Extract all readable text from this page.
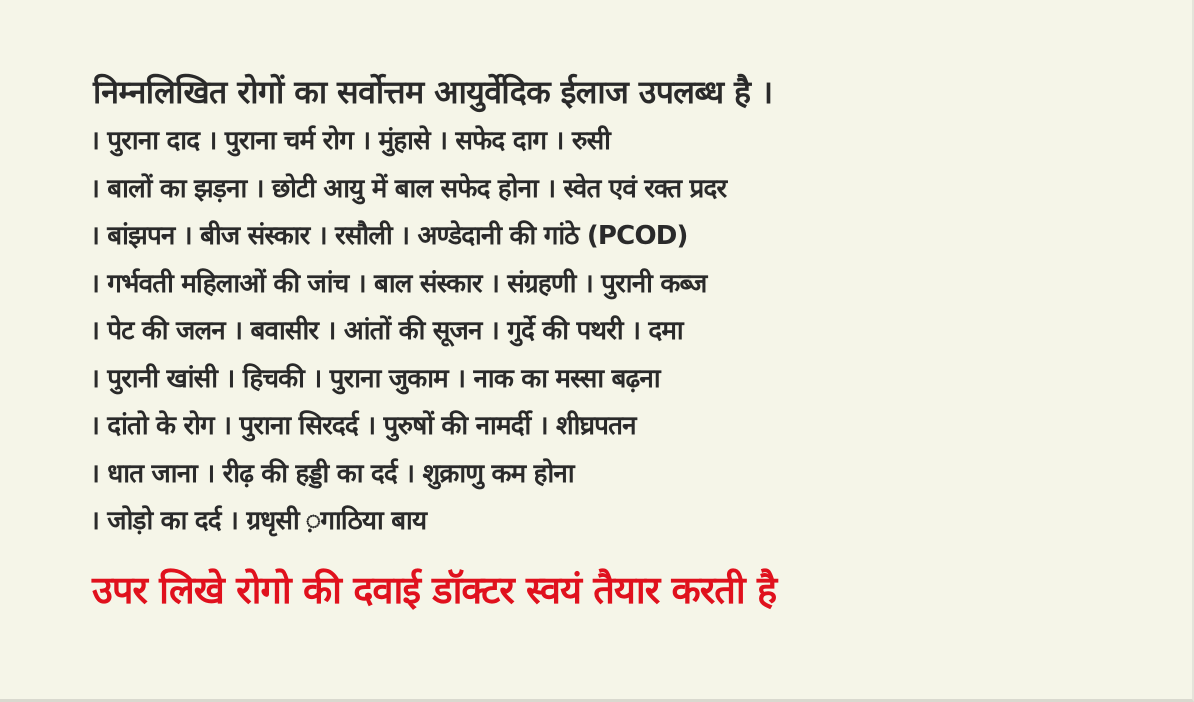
निम्नलिखित रोगों का सर्वोत्तम आयुर्वेदिक ईलाज उपलब्ध है ।
। पुराना दाद । पुराना चर्म रोग । मुंहासे । सफेद दाग । रुसी
। बालों का झड़ना । छोटी आयु में बाल सफेद होना । स्वेत एवं रक्त प्रदर
। बांझपन । बीज संस्कार । रसौली । अण्डेदानी की गांठे (PCOD)
। गर्भवती महिलाओं की जांच । बाल संस्कार । संग्रहणी । पुरानी कब्ज
। पेट की जलन । बवासीर । आंतों की सूजन । गुर्दे की पथरी । दमा
। पुरानी खांसी । हिचकी । पुराना जुकाम । नाक का मस्सा बढ़ना
। दांतो के रोग । पुराना सिरदर्द । पुरुषों की नामर्दी । शीघ्रपतन
। धात जाना । रीढ़ की हड्डी का दर्द । शुक्राणु कम होना
। जोड़ो का दर्द । ग्रधृसी ़गाठिया बाय
उपर लिखे रोगो की दवाई डॉक्टर स्वयं तैयार करती है
